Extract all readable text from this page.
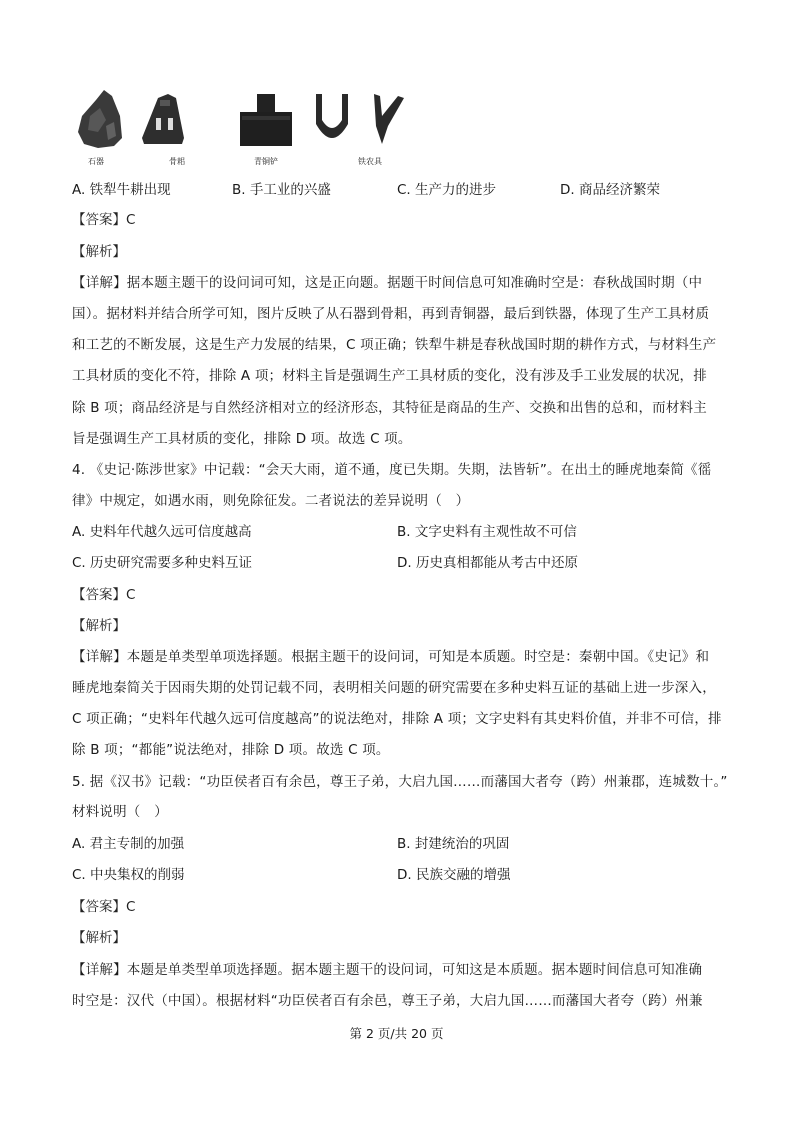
石器	骨耜	青铜铲	铁农具
A. 铁犁牛耕出现	B. 手工业的兴盛	C. 生产力的进步	D. 商品经济繁荣
【答案】C
【解析】
【详解】据本题主题干的设问词可知，这是正向题。据题干时间信息可知准确时空是：春秋战国时期（中
国）。据材料并结合所学可知，图片反映了从石器到骨耜，再到青铜器，最后到铁器，体现了生产工具材质
和工艺的不断发展，这是生产力发展的结果，C 项正确；铁犁牛耕是春秋战国时期的耕作方式，与材料生产
工具材质的变化不符，排除 A 项；材料主旨是强调生产工具材质的变化，没有涉及手工业发展的状况，排
除 B 项；商品经济是与自然经济相对立的经济形态，其特征是商品的生产、交换和出售的总和，而材料主
旨是强调生产工具材质的变化，排除 D 项。故选 C 项。
4. 《史记·陈涉世家》中记载：“会天大雨，道不通，度已失期。失期，法皆斩”。在出土的睡虎地秦简《徭
律》中规定，如遇水雨，则免除征发。二者说法的差异说明（　）
A. 史料年代越久远可信度越高	B. 文字史料有主观性故不可信
C. 历史研究需要多种史料互证	D. 历史真相都能从考古中还原
【答案】C
【解析】
【详解】本题是单类型单项选择题。根据主题干的设问词，可知是本质题。时空是：秦朝中国。《史记》和
睡虎地秦简关于因雨失期的处罚记载不同，表明相关问题的研究需要在多种史料互证的基础上进一步深入，
C 项正确；“史料年代越久远可信度越高”的说法绝对，排除 A 项；文字史料有其史料价值，并非不可信，排
除 B 项；“都能”说法绝对，排除 D 项。故选 C 项。
5. 据《汉书》记载：“功臣侯者百有余邑，尊王子弟，大启九国……而藩国大者夸（跨）州兼郡，连城数十。”
材料说明（　）
A. 君主专制的加强	B. 封建统治的巩固
C. 中央集权的削弱	D. 民族交融的增强
【答案】C
【解析】
【详解】本题是单类型单项选择题。据本题主题干的设问词，可知这是本质题。据本题时间信息可知准确
时空是：汉代（中国）。根据材料“功臣侯者百有余邑，尊王子弟，大启九国……而藩国大者夸（跨）州兼
第 2 页/共 20 页
